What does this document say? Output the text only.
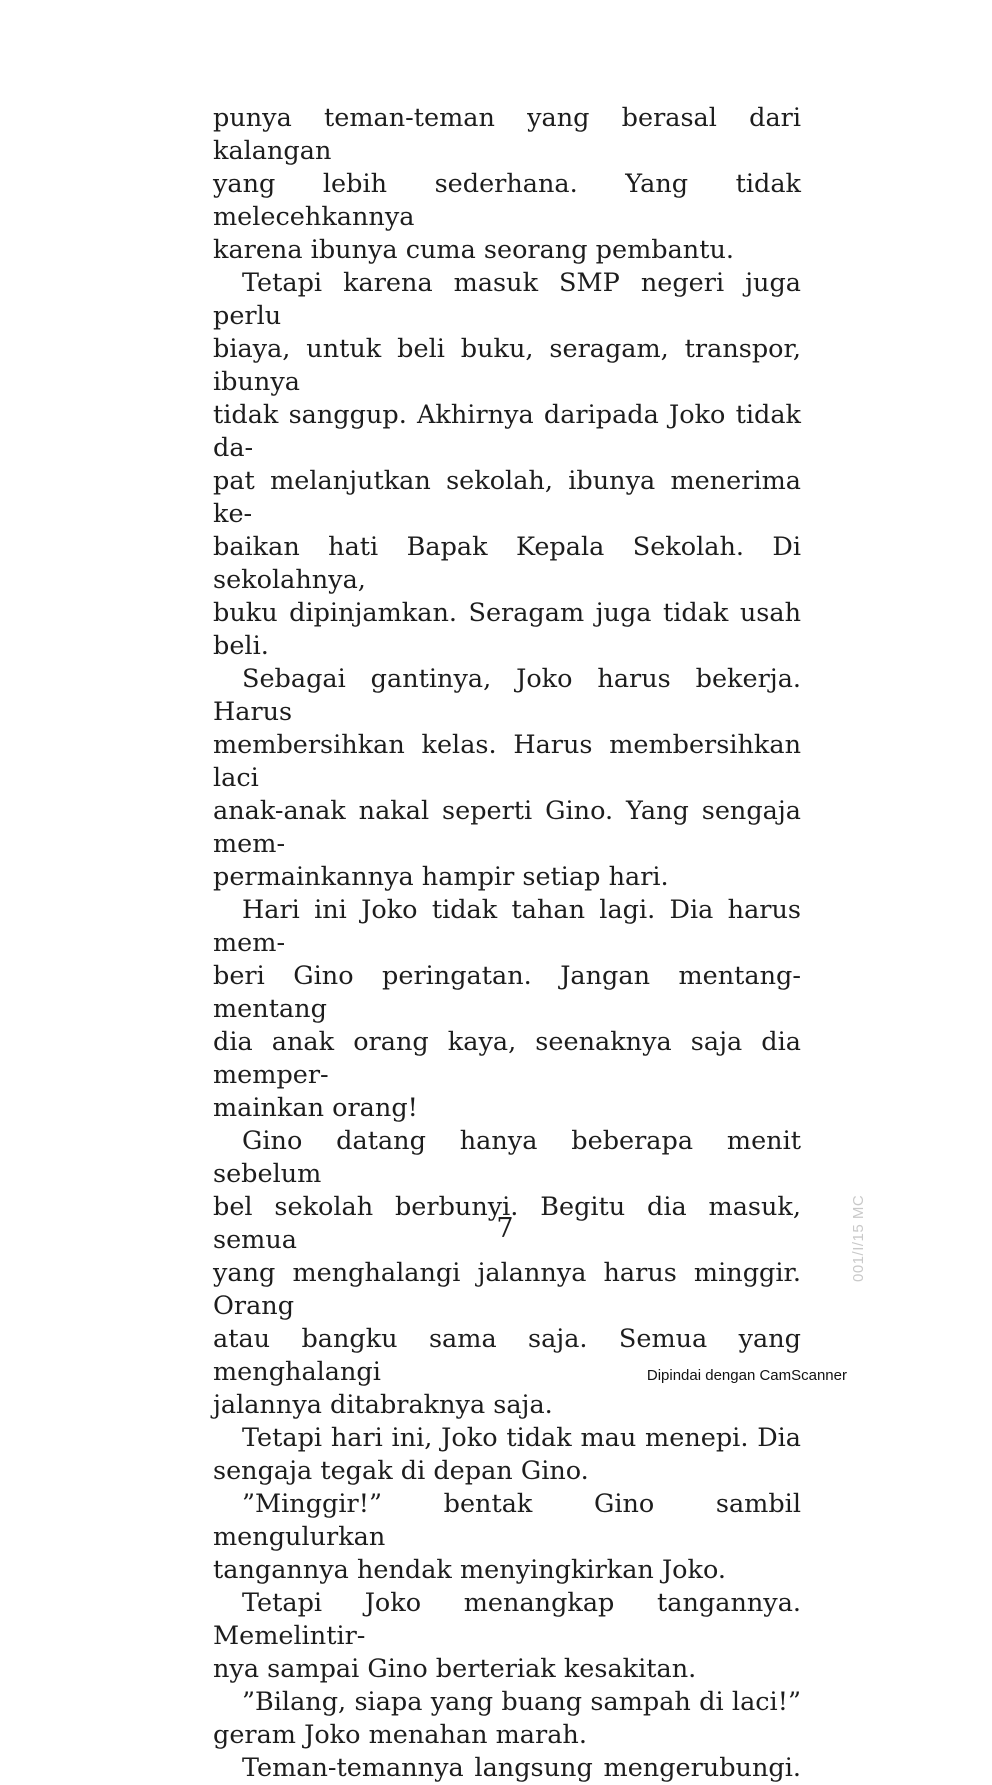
punya teman-teman yang berasal dari kalangan
yang lebih sederhana. Yang tidak melecehkannya
karena ibunya cuma seorang pembantu.
Tetapi karena masuk SMP negeri juga perlu
biaya, untuk beli buku, seragam, transpor, ibunya
tidak sanggup. Akhirnya daripada Joko tidak da-
pat melanjutkan sekolah, ibunya menerima ke-
baikan hati Bapak Kepala Sekolah. Di sekolahnya,
buku dipinjamkan. Seragam juga tidak usah
beli.
Sebagai gantinya, Joko harus bekerja. Harus
membersihkan kelas. Harus membersihkan laci
anak-anak nakal seperti Gino. Yang sengaja mem-
permainkannya hampir setiap hari.
Hari ini Joko tidak tahan lagi. Dia harus mem-
beri Gino peringatan. Jangan mentang-mentang
dia anak orang kaya, seenaknya saja dia memper-
mainkan orang!
Gino datang hanya beberapa menit sebelum
bel sekolah berbunyi. Begitu dia masuk, semua
yang menghalangi jalannya harus minggir. Orang
atau bangku sama saja. Semua yang menghalangi
jalannya ditabraknya saja.
Tetapi hari ini, Joko tidak mau menepi. Dia
sengaja tegak di depan Gino.
”Minggir!” bentak Gino sambil mengulurkan
tangannya hendak menyingkirkan Joko.
Tetapi Joko menangkap tangannya. Memelintir-
nya sampai Gino berteriak kesakitan.
”Bilang, siapa yang buang sampah di laci!”
geram Joko menahan marah.
Teman-temannya langsung mengerubungi.
7	001/I/15 MC
Dipindai dengan CamScanner
